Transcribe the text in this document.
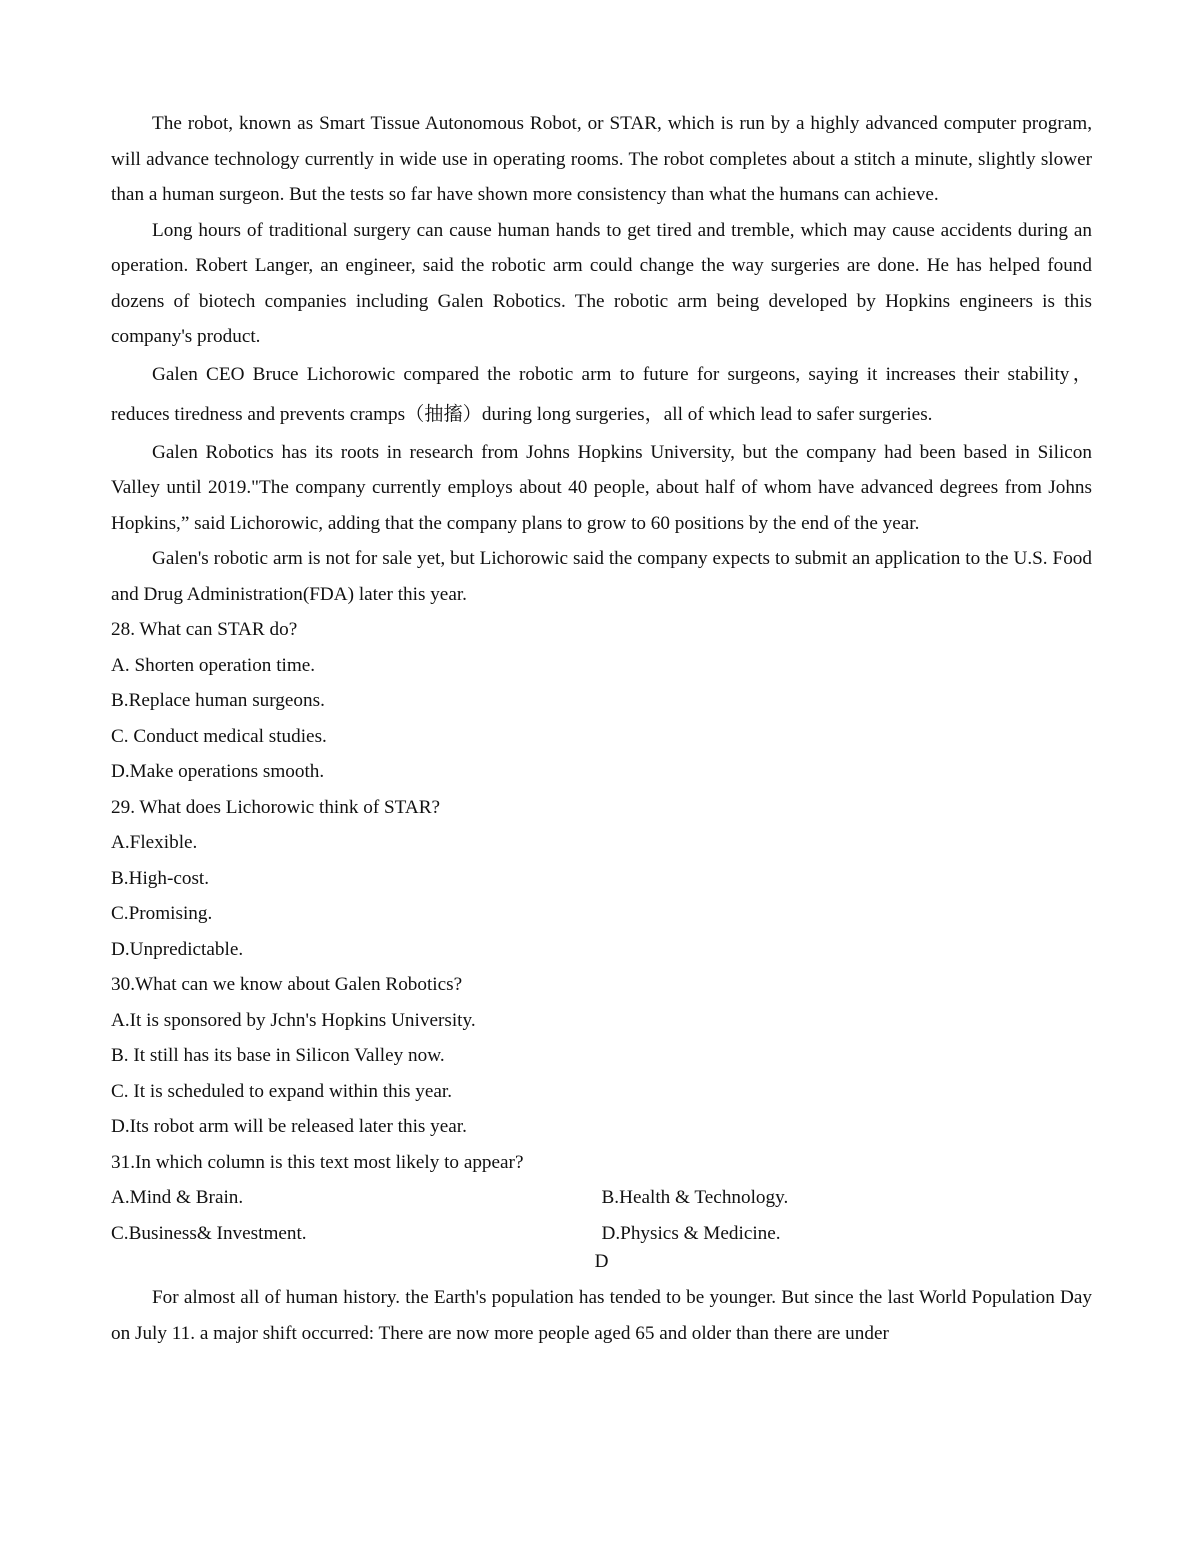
The robot, known as Smart Tissue Autonomous Robot, or STAR, which is run by a highly advanced computer program, will advance technology currently in wide use in operating rooms. The robot completes about a stitch a minute, slightly slower than a human surgeon. But the tests so far have shown more consistency than what the humans can achieve.

Long hours of traditional surgery can cause human hands to get tired and tremble, which may cause accidents during an operation. Robert Langer, an engineer, said the robotic arm could change the way surgeries are done. He has helped found dozens of biotech companies including Galen Robotics. The robotic arm being developed by Hopkins engineers is this company's product.

Galen CEO Bruce Lichorowic compared the robotic arm to future for surgeons, saying it increases their stability，reduces tiredness and prevents cramps（抽搐）during long surgeries，all of which lead to safer surgeries.

Galen Robotics has its roots in research from Johns Hopkins University, but the company had been based in Silicon Valley until 2019."The company currently employs about 40 people, about half of whom have advanced degrees from Johns Hopkins,” said Lichorowic, adding that the company plans to grow to 60 positions by the end of the year.

Galen's robotic arm is not for sale yet, but Lichorowic said the company expects to submit an application to the U.S. Food and Drug Administration(FDA) later this year.

28. What can STAR do?

A. Shorten operation time.

B.Replace human surgeons.

C. Conduct medical studies.

D.Make operations smooth.

29. What does Lichorowic think of STAR?

A.Flexible.

B.High-cost.

C.Promising.

D.Unpredictable.

30.What can we know about Galen Robotics?

A.It is sponsored by Jchn's Hopkins University.

B. It still has its base in Silicon Valley now.

C. It is scheduled to expand within this year.

D.Its robot arm will be released later this year.

31.In which column is this text most likely to appear?

A.Mind & Brain.	B.Health & Technology.
C.Business& Investment.	D.Physics & Medicine.

D

For almost all of human history. the Earth's population has tended to be younger. But since the last World Population Day on July 11. a major shift occurred: There are now more people aged 65 and older than there are under
